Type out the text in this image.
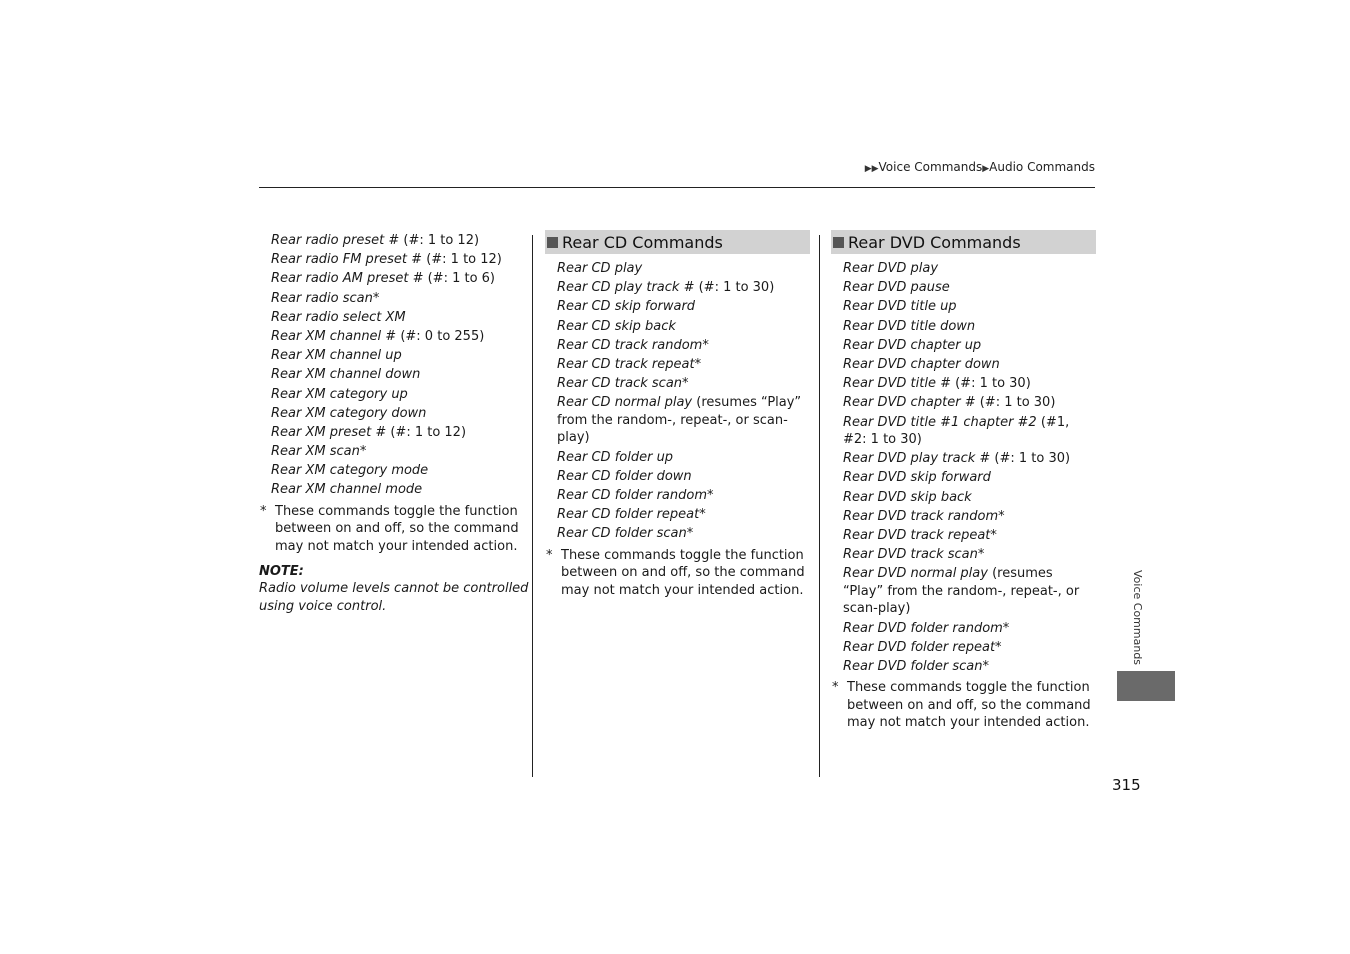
▶▶Voice Commands▶Audio Commands
Rear radio preset # (#: 1 to 12)
Rear radio FM preset # (#: 1 to 12)
Rear radio AM preset # (#: 1 to 6)
Rear radio scan*
Rear radio select XM
Rear XM channel # (#: 0 to 255)
Rear XM channel up
Rear XM channel down
Rear XM category up
Rear XM category down
Rear XM preset # (#: 1 to 12)
Rear XM scan*
Rear XM category mode
Rear XM channel mode
* These commands toggle the function between on and off, so the command may not match your intended action.
NOTE:
Radio volume levels cannot be controlled using voice control.
Rear CD Commands
Rear CD play
Rear CD play track # (#: 1 to 30)
Rear CD skip forward
Rear CD skip back
Rear CD track random*
Rear CD track repeat*
Rear CD track scan*
Rear CD normal play (resumes “Play” from the random-, repeat-, or scan-play)
Rear CD folder up
Rear CD folder down
Rear CD folder random*
Rear CD folder repeat*
Rear CD folder scan*
* These commands toggle the function between on and off, so the command may not match your intended action.
Rear DVD Commands
Rear DVD play
Rear DVD pause
Rear DVD title up
Rear DVD title down
Rear DVD chapter up
Rear DVD chapter down
Rear DVD title # (#: 1 to 30)
Rear DVD chapter # (#: 1 to 30)
Rear DVD title #1 chapter #2 (#1, #2: 1 to 30)
Rear DVD play track # (#: 1 to 30)
Rear DVD skip forward
Rear DVD skip back
Rear DVD track random*
Rear DVD track repeat*
Rear DVD track scan*
Rear DVD normal play (resumes “Play” from the random-, repeat-, or scan-play)
Rear DVD folder random*
Rear DVD folder repeat*
Rear DVD folder scan*
* These commands toggle the function between on and off, so the command may not match your intended action.
Voice Commands
315
